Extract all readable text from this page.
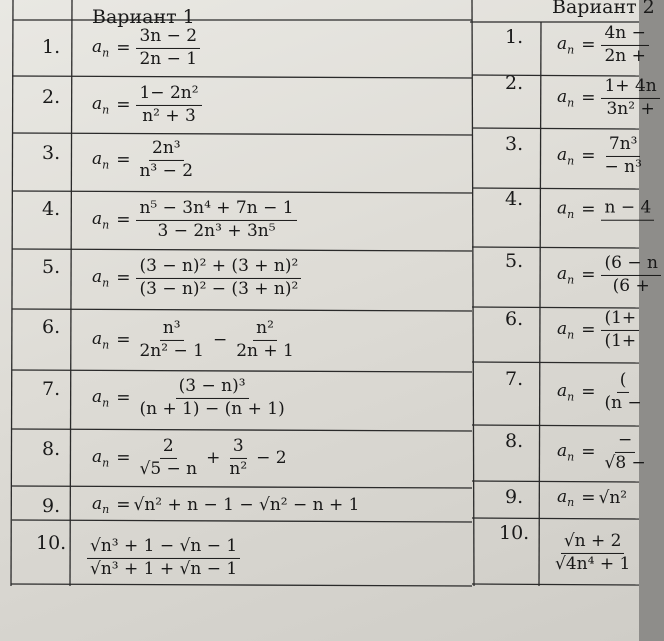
Вариант 1	Вариант 2
1. $a_n = \frac{3n - 2}{2n - 1}$
2. $a_n = \frac{\text{1− 2n²}}{\text{n² + 3}}$
3. $a_n = \frac{\text{2n³}}{\text{n³ − 2}}$
4. $a_n = \frac{\text{n⁵ − 3n⁴ + 7n − 1}}{\text{3 − 2n³ + 3n⁵}}$
5. $a_n = \frac{\text{(3 − n)² + (3 + n)²}}{\text{(3 − n)² − (3 + n)²}}$
6.
$a_n = \frac{\text{n³}}{\text{2n² − 1}} - \frac{\text{n²}}{2n + 1}$
7. $a_n = \frac{\text{(3 − n)³}}{(n + 1) - (n + 1)}$
8. $a_n = \frac{2}{√5 - n} + \frac{3}{\text{n²}} - 2$
9. $a_n = √n^2 + n - 1 - √n^2 - n + 1$
10. $\frac{\text{√n³ + 1 − √n − 1}}{\text{√n³ + 1 + √n − 1}}$
1. $a_n = \frac{4n -}{2n +}$
2.
$a_n = \frac{1+ 4n}{\text{3n² +}}$
3. $a_n = \frac{\text{7n³}}{\text{− n³}}$
4. $a_n = n - 4$
5.
$a_n = \frac{(6 - n}{(6 +}$
6. $a_n = \frac{(1+}{(1+}$
7.
$a_n = \frac{(}{(n -}$
8. $a_n = \frac{-}{√8 -}$
9. $a_n = √n^2$
10. $\frac{√n + 2}{\text{√4n⁴ + 1}}$
